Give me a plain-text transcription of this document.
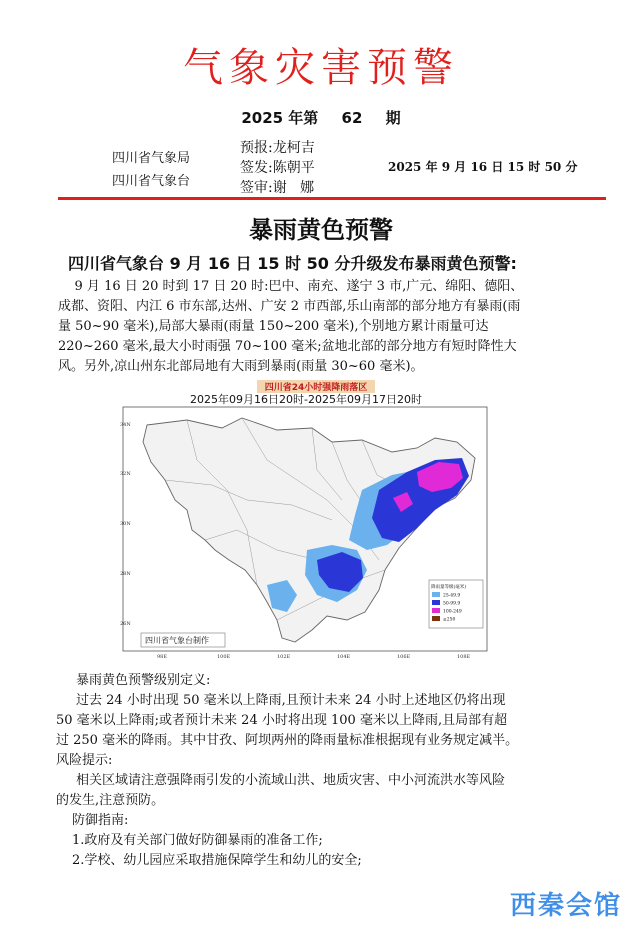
气象灾害预警
2025 年第 62 期
四川省气象局
四川省气象台
预报:龙柯吉
签发:陈朝平
签审:谢   娜
2025 年 9 月 16 日 15 时 50 分
暴雨黄色预警
四川省气象台 9 月 16 日 15 时 50 分升级发布暴雨黄色预警:
9 月 16 日 20 时到 17 日 20 时:巴中、南充、遂宁 3 市,广元、绵阳、德阳、
成都、资阳、内江 6 市东部,达州、广安 2 市西部,乐山南部的部分地方有暴雨(雨
量 50~90 毫米),局部大暴雨(雨量 150~200 毫米),个别地方累计雨量可达
220~260 毫米,最大小时雨强 70~100 毫米;盆地北部的部分地方有短时降性大
风。另外,凉山州东北部局地有大雨到暴雨(雨量 30~60 毫米)。
四川省24小时强降雨落区
2025年09月16日20时-2025年09月17日20时
34N
32N
30N
28N
26N
98E	100E	102E	104E	106E	108E
降雨量等级(毫米)
25-49.9
50-99.9
100-249
≥250
四川省气象台制作
暴雨黄色预警级别定义:
过去 24 小时出现 50 毫米以上降雨,且预计未来 24 小时上述地区仍将出现
50 毫米以上降雨;或者预计未来 24 小时将出现 100 毫米以上降雨,且局部有超
过 250 毫米的降雨。其中甘孜、阿坝两州的降雨量标准根据现有业务规定减半。
风险提示:
相关区域请注意强降雨引发的小流域山洪、地质灾害、中小河流洪水等风险
的发生,注意预防。
防御指南:
1.政府及有关部门做好防御暴雨的准备工作;
2.学校、幼儿园应采取措施保障学生和幼儿的安全;
西秦会馆
